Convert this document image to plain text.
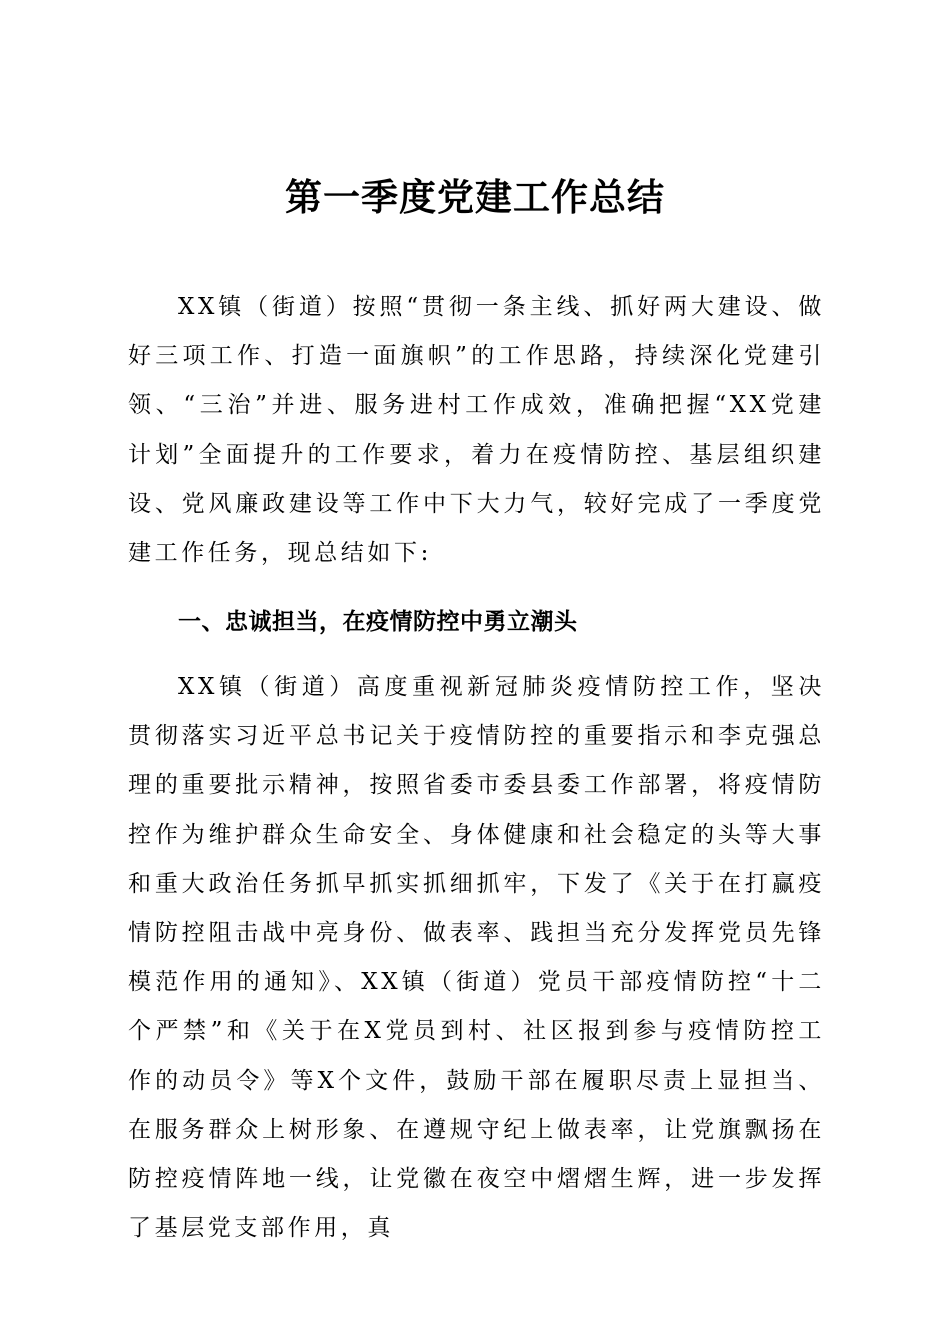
第一季度党建工作总结

XX镇（街道）按照“贯彻一条主线、抓好两大建设、做好三项工作、打造一面旗帜”的工作思路，持续深化党建引领、“三治”并进、服务进村工作成效，准确把握“XX党建计划”全面提升的工作要求，着力在疫情防控、基层组织建设、党风廉政建设等工作中下大力气，较好完成了一季度党建工作任务，现总结如下:

一、忠诚担当，在疫情防控中勇立潮头

XX镇（街道）高度重视新冠肺炎疫情防控工作，坚决贯彻落实习近平总书记关于疫情防控的重要指示和李克强总理的重要批示精神，按照省委市委县委工作部署，将疫情防控作为维护群众生命安全、身体健康和社会稳定的头等大事和重大政治任务抓早抓实抓细抓牢，下发了《关于在打赢疫情防控阻击战中亮身份、做表率、践担当充分发挥党员先锋模范作用的通知》、XX镇（街道）党员干部疫情防控“十二个严禁”和《关于在X党员到村、社区报到参与疫情防控工作的动员令》等X个文件，鼓励干部在履职尽责上显担当、在服务群众上树形象、在遵规守纪上做表率，让党旗飘扬在防控疫情阵地一线，让党徽在夜空中熠熠生辉，进一步发挥了基层党支部作用，真
